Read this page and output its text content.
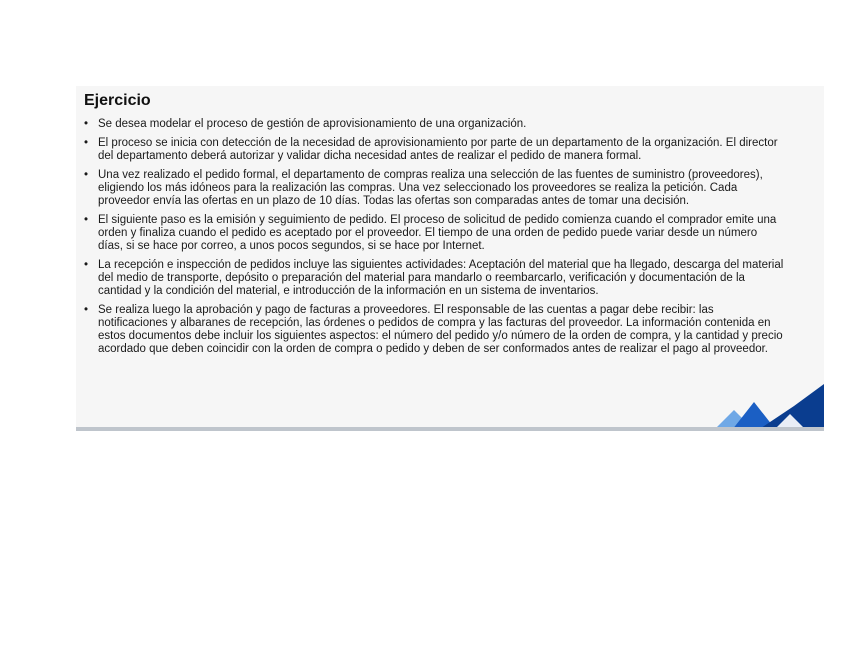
Ejercicio
• Se desea modelar el proceso de gestión de aprovisionamiento de una organización.
• El proceso se inicia con detección de la necesidad de aprovisionamiento por parte de un departamento de la organización. El director del departamento deberá autorizar y validar dicha necesidad antes de realizar el pedido de manera formal.
• Una vez realizado el pedido formal, el departamento de compras realiza una selección de las fuentes de suministro (proveedores), eligiendo los más idóneos para la realización las compras. Una vez seleccionado los proveedores se realiza la petición. Cada proveedor envía las ofertas en un plazo de 10 días. Todas las ofertas son comparadas antes de tomar una decisión.
• El siguiente paso es la emisión y seguimiento de pedido. El proceso de solicitud de pedido comienza cuando el comprador emite una orden y finaliza cuando el pedido es aceptado por el proveedor. El tiempo de una orden de pedido puede variar desde un número días, si se hace por correo, a unos pocos segundos, si se hace por Internet.
• La recepción e inspección de pedidos incluye las siguientes actividades: Aceptación del material que ha llegado, descarga del material del medio de transporte, depósito o preparación del material para mandarlo o reembarcarlo, verificación y documentación de la cantidad y la condición del material, e introducción de la información en un sistema de inventarios.
• Se realiza luego la aprobación y pago de facturas a proveedores. El responsable de las cuentas a pagar debe recibir: las notificaciones y albaranes de recepción, las órdenes o pedidos de compra y las facturas del proveedor. La información contenida en estos documentos debe incluir los siguientes aspectos: el número del pedido y/o número de la orden de compra, y la cantidad y precio acordado que deben coincidir con la orden de compra o pedido y deben de ser conformados antes de realizar el pago al proveedor.
